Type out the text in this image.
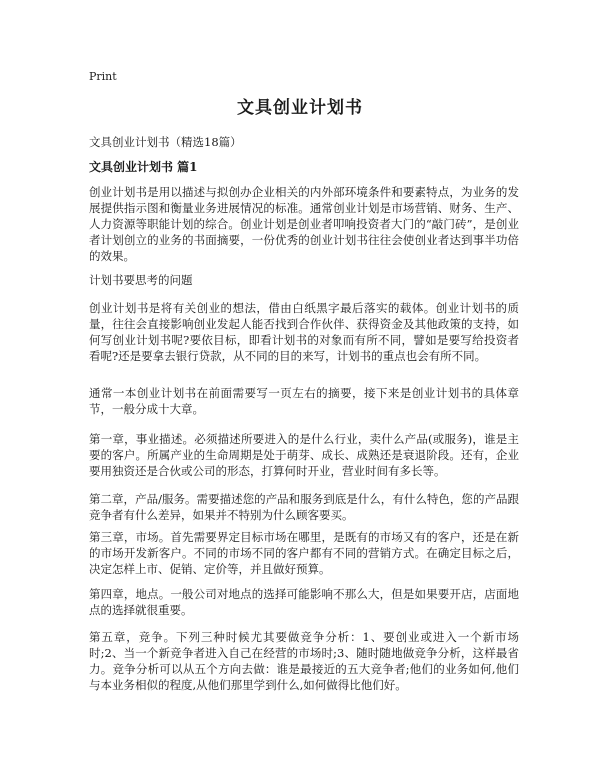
Print
文具创业计划书
文具创业计划书（精选18篇）
文具创业计划书 篇1

创业计划书是用以描述与拟创办企业相关的内外部环境条件和要素特点，为业务的发展提供指示图和衡量业务进展情况的标准。通常创业计划是市场营销、财务、生产、人力资源等职能计划的综合。创业计划是创业者叩响投资者大门的“敲门砖”，是创业者计划创立的业务的书面摘要，一份优秀的创业计划书往往会使创业者达到事半功倍的效果。

计划书要思考的问题

创业计划书是将有关创业的想法，借由白纸黑字最后落实的载体。创业计划书的质量，往往会直接影响创业发起人能否找到合作伙伴、获得资金及其他政策的支持，如何写创业计划书呢?要依目标，即看计划书的对象而有所不同，譬如是要写给投资者看呢?还是要拿去银行贷款，从不同的目的来写，计划书的重点也会有所不同。

通常一本创业计划书在前面需要写一页左右的摘要，接下来是创业计划书的具体章节，一般分成十大章。

第一章，事业描述。必须描述所要进入的是什么行业，卖什么产品(或服务)，谁是主要的客户。所属产业的生命周期是处于萌芽、成长、成熟还是衰退阶段。还有，企业要用独资还是合伙或公司的形态，打算何时开业，营业时间有多长等。

第二章，产品/服务。需要描述您的产品和服务到底是什么，有什么特色，您的产品跟竞争者有什么差异，如果并不特别为什么顾客要买。

第三章，市场。首先需要界定目标市场在哪里，是既有的市场又有的客户，还是在新的市场开发新客户。不同的市场不同的客户都有不同的营销方式。在确定目标之后，决定怎样上市、促销、定价等，并且做好预算。

第四章，地点。一般公司对地点的选择可能影响不那么大，但是如果要开店，店面地点的选择就很重要。

第五章，竞争。下列三种时候尤其要做竞争分析：1、要创业或进入一个新市场时;2、当一个新竞争者进入自己在经营的市场时;3、随时随地做竞争分析，这样最省力。竞争分析可以从五个方向去做：谁是最接近的五大竞争者;他们的业务如何,他们与本业务相似的程度,从他们那里学到什么,如何做得比他们好。
